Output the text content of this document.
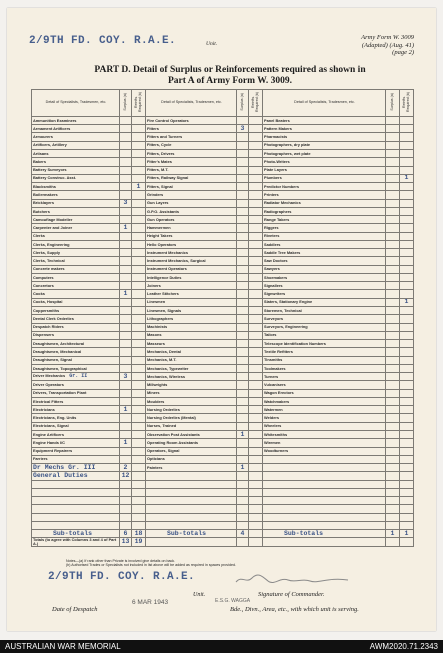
2/9TH FD. COY. R.A.E.	Unit.
Army Form W. 3009
(Adapted) (Aug. 41)
(page 2)
PART D. Detail of Surplus or Reinforcements required as shown in
Part A of Army Form W. 3009.
Detail of Specialists, Tradesmen, etc.	Surplus (a)	Reinfts. Required (b)	Detail of Specialists, Tradesmen, etc.	Surplus (a)	Reinfts. Required (b)	Detail of Specialists, Tradesmen, etc.	Surplus (a)	Reinfts. Required (b)
Ammunition Examiners			Fire Control Operators			Panel Beaters		
Armament Artificers			Fitters	3		Pattern Makers		
Armourers			Fitters and Turners			Pharmacists		
Artificers, Artillery			Fitters, Cycle			Photographers, dry plate		
Artisans			Fitters, Drivers			Photographers, wet plate		
Bakers			Fitter's Mates			Photo-Writers		
Battery Surveyors			Fitters, M.T.			Plate Layers		
Battery Construc. Asst.			Fitters, Railway Signal			Plumbers		1
Blacksmiths		1	Fitters, Signal			Predictor Numbers		
Boilermakers			Grinders			Printers		
Bricklayers	3		Gun Layers			Radiator Mechanics		
Butchers			G.P.O. Assistants			Radiographers		
Camouflage Modeller			Gun Operators			Range Takers		
Carpenter and Joiner	1		Hammermen			Riggers		
Clerks			Height Takers			Riveters		
Clerks, Engineering			Hello Operators			Saddlers		
Clerks, Supply			Instrument Mechanics			Saddle Tree Makers		
Clerks, Technical			Instrument Mechanics, Surgical			Saw Doctors		
Concrete makers			Instrument Operators			Sawyers		
Computers			Intelligence Duties			Shoemakers		
Concretors			Joiners			Signallers		
Cooks	1		Leather Stitchers			Signwriters		
Cooks, Hospital			Linesmen			Slaters, Stationary Engine		1
Coppersmiths			Linesmen, Signals			Storemen, Technical		
Dental Clerk Orderlies			Lithographers			Surveyors		
Despatch Riders			Machinists			Surveyors, Engineering		
Dispensers			Masons			Tailors		
Draughtsmen, Architectural			Masseurs			Telescope Identification Numbers		
Draughtsmen, Mechanical			Mechanics, Dental			Textile Refitters		
Draughtsmen, Signal			Mechanics, M.T.			Tinsmiths		
Draughtsmen, Topographical			Mechanics, Typewriter			Toolmakers		
Driver Mechanics Gr. II	3		Mechanics, Wireless			Turners		
Driver Operators			Millwrights			Vulcanisers		
Drivers, Transportation Plant			Miners			Wagon Erectors		
Electrical Fitters			Moulders			Watchmakers		
Electricians	1		Nursing Orderlies			Watermen		
Electricians, Eng. Units			Nursing Orderlies (Mental)			Welders		
Electricians, Signal			Nurses, Trained			Wheelers		
Engine Artificers			Observation Post Assistants	1		Whitesmiths		
Engine Hands I/C	1		Operating Room Assistants			Wiremen		
Equipment Repairers			Operators, Signal			Woodturners		
Farriers			Opticians					
Dr Mechs Gr. III	2		Painters	1				
General Duties	12							

Sub-totals	6	18	Sub-totals	4		Sub-totals	1	1
Totals (to agree with Columns 3 and 4 of Part A.)	13	19						
Notes—(a) If rank other than Private is involved give details on back.
(b) Authorised Trades or Specialists not included in list above will be added as required in spaces provided.
2/9TH FD. COY. R.A.E.
Unit.	Signature of Commander.
Date of Despatch
6 MAR 1943	E.S.G. WAGGA
Bde., Divn., Area, etc., with which unit is serving.
AUSTRALIAN WAR MEMORIAL	AWM2020.71.2343
